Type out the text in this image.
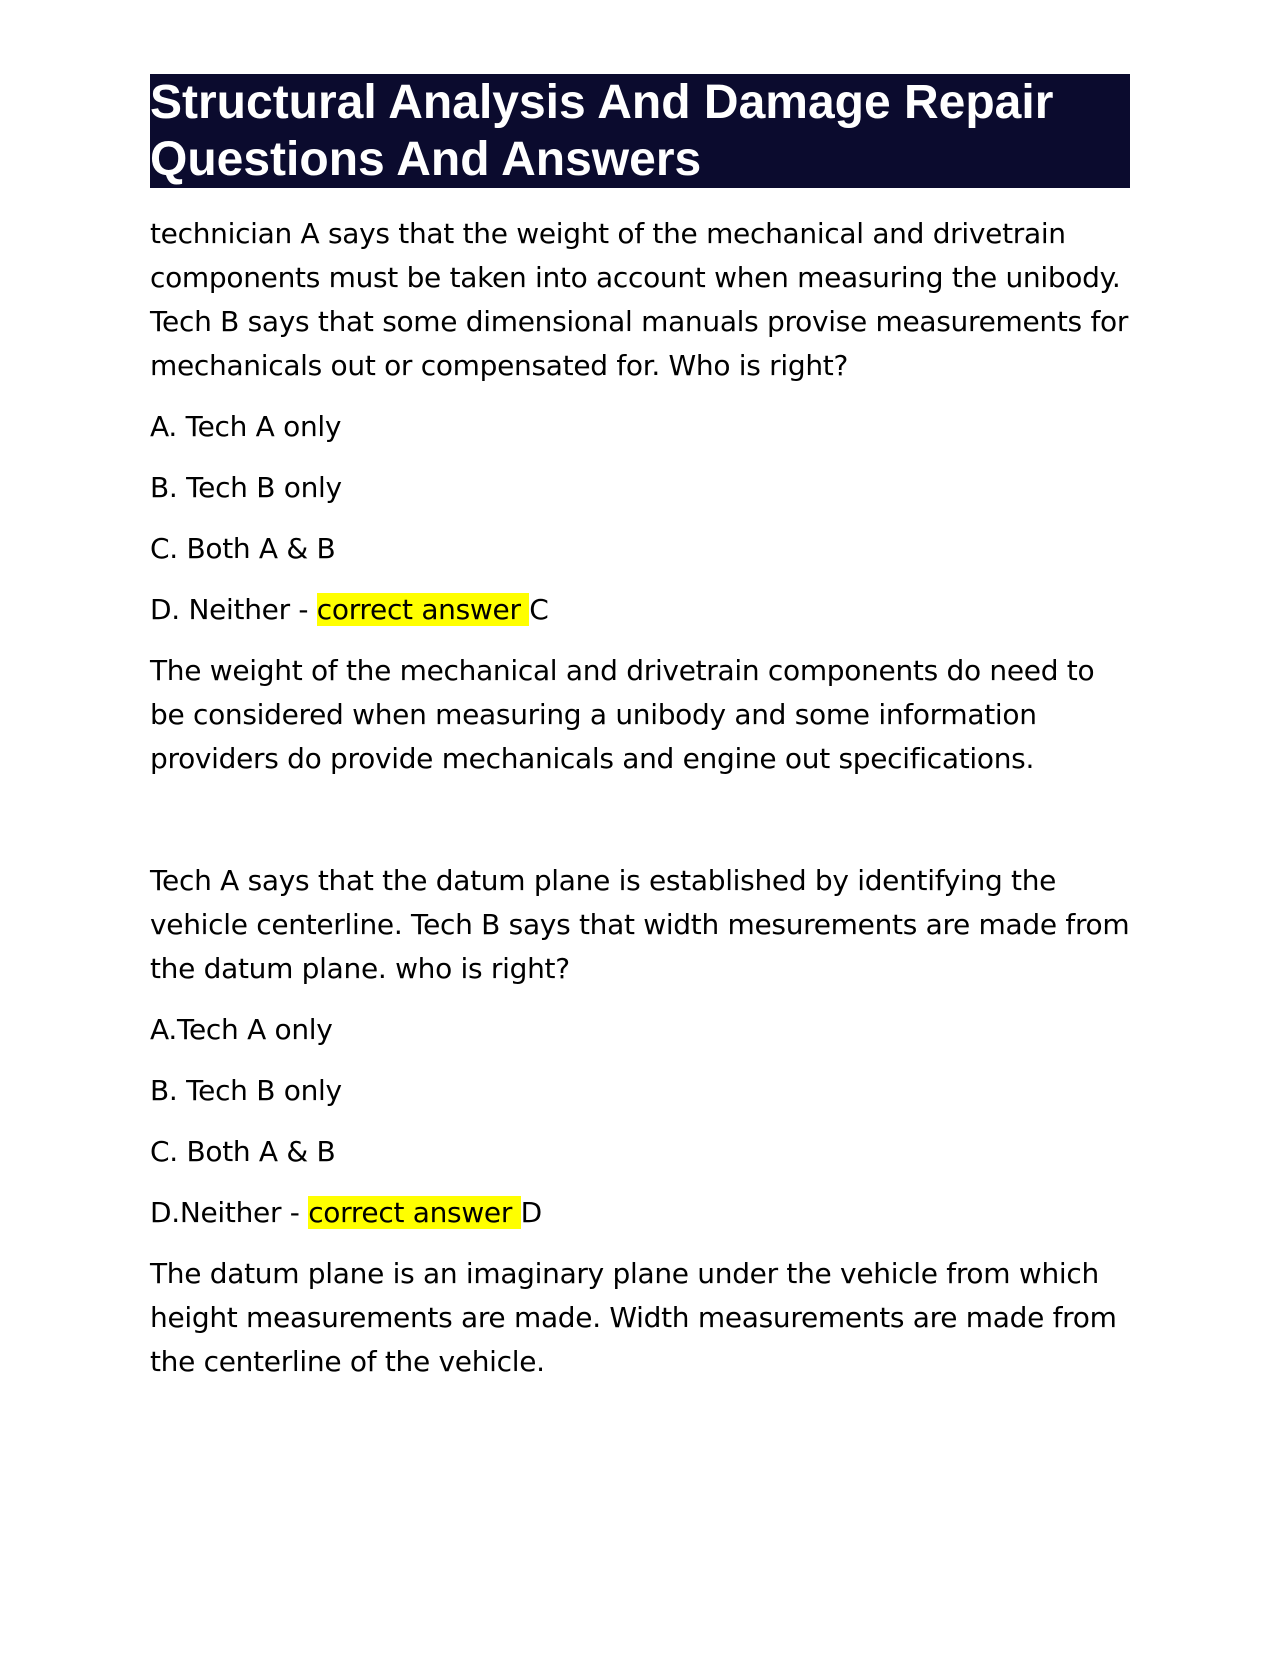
Structural Analysis And Damage Repair Questions And Answers
technician A says that the weight of the mechanical and drivetrain components must be taken into account when measuring the unibody. Tech B says that some dimensional manuals provise measurements for mechanicals out or compensated for. Who is right?
A. Tech A only
B. Tech B only
C. Both A & B
D. Neither - correct answer C
The weight of the mechanical and drivetrain components do need to be considered when measuring a unibody and some information providers do provide mechanicals and engine out specifications.
Tech A says that the datum plane is established by identifying the vehicle centerline. Tech B says that width mesurements are made from the datum plane. who is right?
A.Tech A only
B. Tech B only
C. Both A & B
D.Neither - correct answer D
The datum plane is an imaginary plane under the vehicle from which height measurements are made. Width measurements are made from the centerline of the vehicle.
